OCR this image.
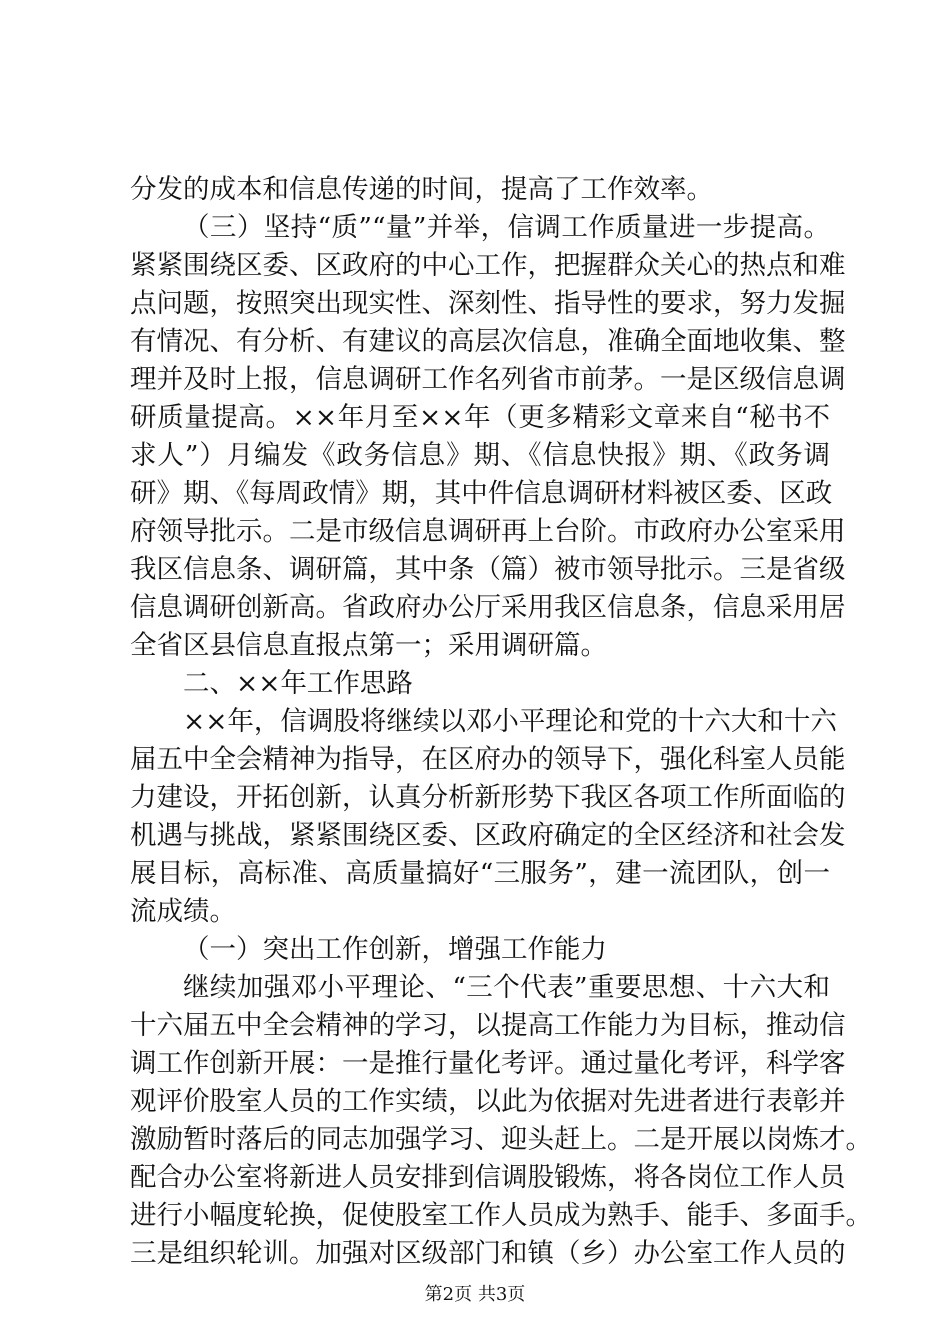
分发的成本和信息传递的时间，提高了工作效率。
（三）坚持“质”“量”并举，信调工作质量进一步提高。
紧紧围绕区委、区政府的中心工作，把握群众关心的热点和难
点问题，按照突出现实性、深刻性、指导性的要求，努力发掘
有情况、有分析、有建议的高层次信息，准确全面地收集、整
理并及时上报，信息调研工作名列省市前茅。一是区级信息调
研质量提高。××年月至××年（更多精彩文章来自“秘书不
求人”）月编发《政务信息》期、《信息快报》期、《政务调
研》期、《每周政情》期，其中件信息调研材料被区委、区政
府领导批示。二是市级信息调研再上台阶。市政府办公室采用
我区信息条、调研篇，其中条（篇）被市领导批示。三是省级
信息调研创新高。省政府办公厅采用我区信息条，信息采用居
全省区县信息直报点第一；采用调研篇。
二、××年工作思路
××年，信调股将继续以邓小平理论和党的十六大和十六
届五中全会精神为指导，在区府办的领导下，强化科室人员能
力建设，开拓创新，认真分析新形势下我区各项工作所面临的
机遇与挑战，紧紧围绕区委、区政府确定的全区经济和社会发
展目标，高标准、高质量搞好“三服务”，建一流团队，创一
流成绩。
（一）突出工作创新，增强工作能力
继续加强邓小平理论、“三个代表”重要思想、十六大和
十六届五中全会精神的学习，以提高工作能力为目标，推动信
调工作创新开展：一是推行量化考评。通过量化考评，科学客
观评价股室人员的工作实绩，以此为依据对先进者进行表彰并
激励暂时落后的同志加强学习、迎头赶上。二是开展以岗炼才。
配合办公室将新进人员安排到信调股锻炼，将各岗位工作人员
进行小幅度轮换，促使股室工作人员成为熟手、能手、多面手。
三是组织轮训。加强对区级部门和镇（乡）办公室工作人员的
第2页 共3页
